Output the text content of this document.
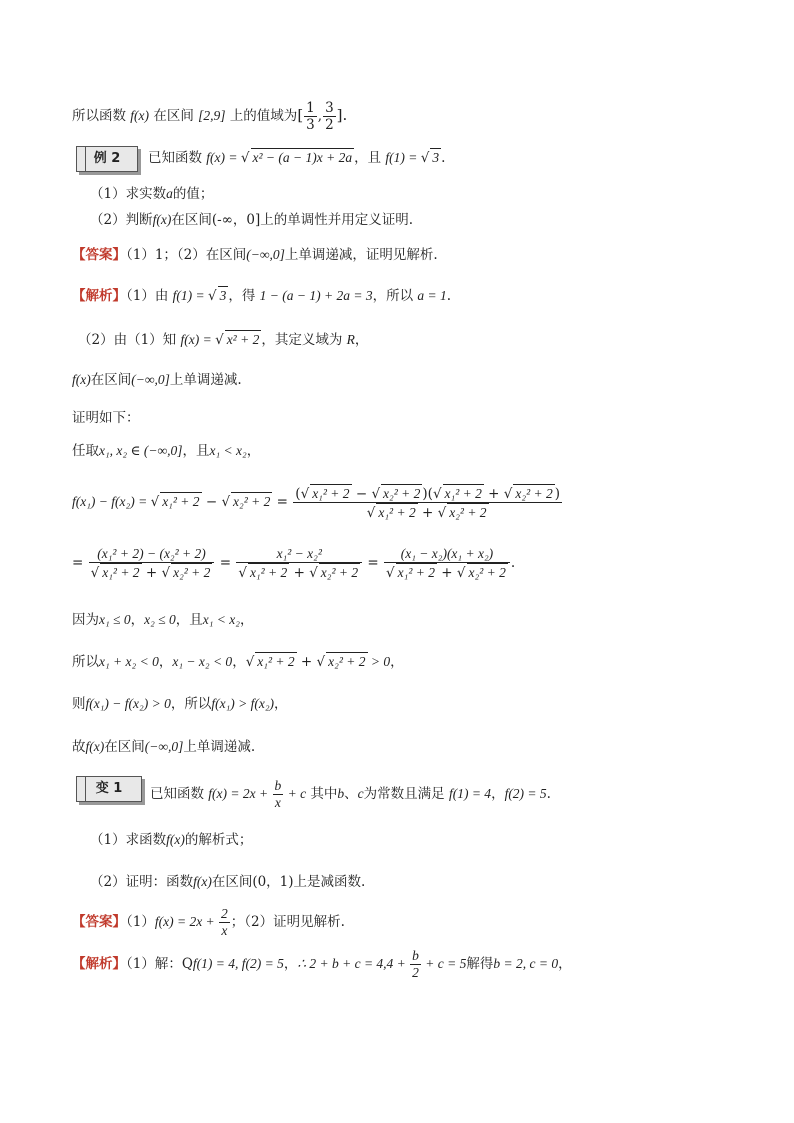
所以函数 f(x) 在区间 [2,9] 上的值域为[ $\frac{1}{3}$ , $\frac{3}{2}$ ].
例 2	已知函数 f(x) = √ x² − (a − 1)x + 2a ，且 f(1) = √ 3 .
（1）求实数a的值；
（2）判断f(x)在区间(-∞，0]上的单调性并用定义证明.
【答案】（1）1；（2）在区间(−∞,0]上单调递减，证明见解析.
【解析】（1）由 f(1) = √ 3 ，得 1 − (a − 1) + 2a = 3，所以 a = 1.
（2）由（1）知 f(x) = √ x² + 2 ，其定义域为 R，
f(x)在区间(−∞,0]上单调递减.
证明如下：
任取x₁, x₂ ∈ (−∞,0]，且x₁ < x₂，
f(x₁) − f(x₂) = √ x₁² + 2 − √ $x_2^2 + 2 = \frac{\text{(√ x₁² + 2 − √ x₂² + 2 )(√ x₁² + 2 + √ x₂² + 2 )}}{\text{√ x₁² + 2 + √ x₂² + 2}}$
= $\frac{\text{(x₁² + 2) − (x₂² + 2)}}{\text{√ x₁² + 2 + √ x₂² + 2}} = \frac{\text{x₁² − x₂²}}{\text{√ x₁² + 2 + √ x₂² + 2}} = \frac{\text{(x₁ − x₂)(x₁ + x₂)}}{\text{√ x₁² + 2 + √ x₂² + 2}}$ .
因为x₁ ≤ 0，x₂ ≤ 0，且x₁ < x₂，
所以x₁ + x₂ < 0，x₁ − x₂ < 0，√ x₁² + 2 + √ x₂² + 2 > 0，
则f(x₁) − f(x₂) > 0，所以f(x₁) > f(x₂)，
故f(x)在区间(−∞,0]上单调递减.
变 1	已知函数 $f(x) = 2x + \frac{b}{x} + c$ 其中b、c为常数且满足 f(1) = 4，f(2) = 5.
（1）求函数f(x)的解析式；
（2）证明：函数f(x)在区间(0，1)上是减函数.
【答案】$(1)f(x) = 2x + \frac{2}{x}$ ；（2）证明见解析.
【解析】（1）解：Qf(1) = 4, f(2) = 5，∴ $2 + b + c = 4,4 + \frac{b}{2} + c = 5$解得b = 2, c = 0，
